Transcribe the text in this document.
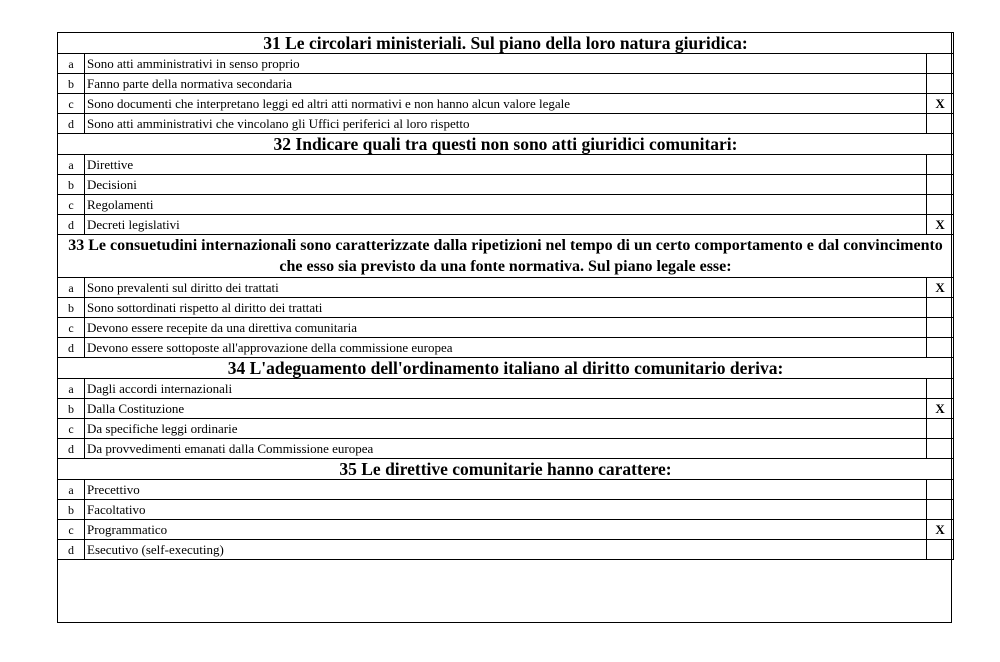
31 Le circolari ministeriali. Sul piano della loro natura giuridica:		
a	Sono atti amministrativi in senso proprio	
b	Fanno parte della normativa secondaria	
c	Sono documenti che interpretano leggi ed altri atti normativi e non hanno alcun valore legale	X
d	Sono atti amministrativi che vincolano gli Uffici periferici al loro rispetto	
32 Indicare quali tra questi non sono atti giuridici comunitari:		
a	Direttive	
b	Decisioni	
c	Regolamenti	
d	Decreti legislativi	X
33 Le consuetudini internazionali sono caratterizzate dalla ripetizioni nel tempo di un certo comportamento e dal convincimento che esso sia previsto da una fonte normativa. Sul piano legale esse:		
a	Sono prevalenti sul diritto dei trattati	X
b	Sono sottordinati rispetto al diritto dei trattati	
c	Devono essere recepite da una direttiva comunitaria	
d	Devono essere sottoposte all'approvazione della commissione europea	
34 L'adeguamento dell'ordinamento italiano al diritto comunitario deriva:		
a	Dagli accordi internazionali	
b	Dalla Costituzione	X
c	Da specifiche leggi ordinarie	
d	Da provvedimenti emanati dalla Commissione europea	
35 Le direttive comunitarie hanno carattere:		
a	Precettivo	
b	Facoltativo	
c	Programmatico	X
d	Esecutivo (self-executing)	
